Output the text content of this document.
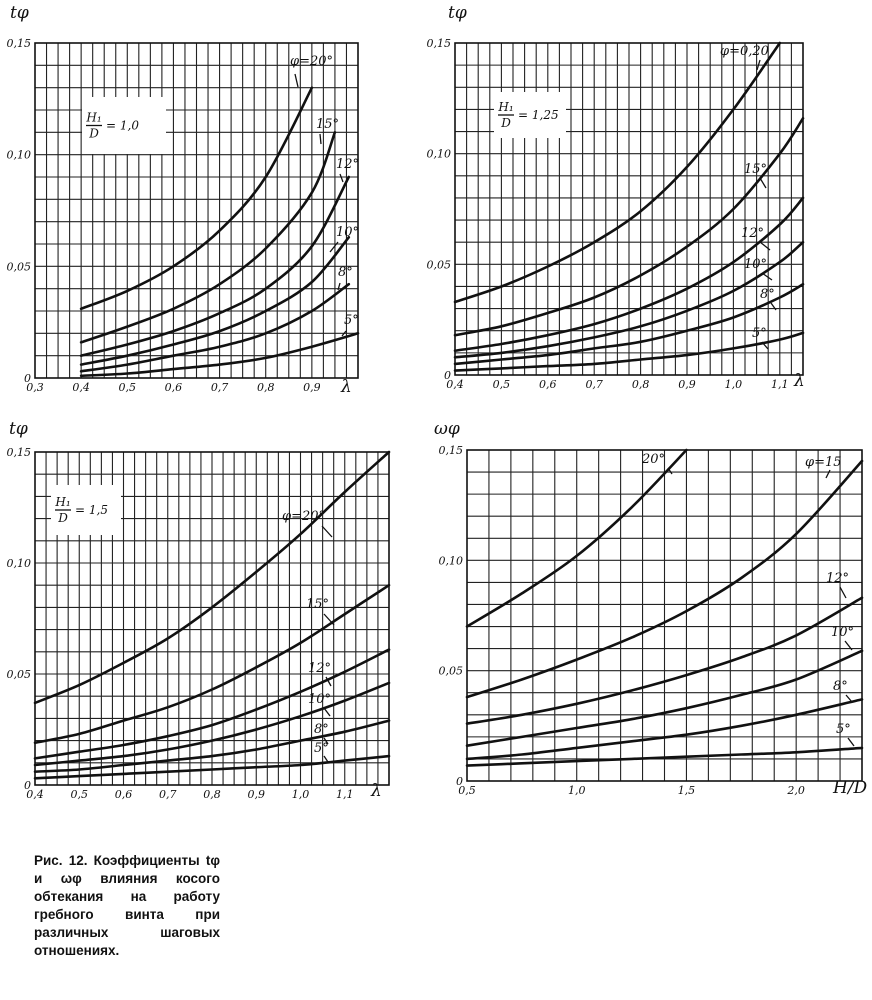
0,3	0,4	0,5	0,6	0,7	0,8	0,9
0
0,05
0,10
0,15
tφ
λ
H₁
D
= 1,0
φ=20°
15°
12°
10°
8°
5°
0,4	0,5	0,6	0,7	0,8	0,9	1,0	1,1
0
0,05
0,10
0,15
tφ
λ
H₁
D
= 1,25
φ=0,20
15°
12°
10°
8°
5°
0,4 0,5 0,6 0,7 0,8 0,9 1,0 1,1
0
0,05
0,10
0,15
tφ
λ
H₁
D
= 1,5	φ=20°
15°
12°
10°
8°
5°
0,5	1,0	1,5	2,0
0
0,05
0,10
0,15
ωφ
H/D
20°	φ=15
12°
10°
8°
5°
Рис. 12. Коэффициенты tφ и ωφ влияния косого обтекания на работу гребного винта при различных шаговых отношениях.
